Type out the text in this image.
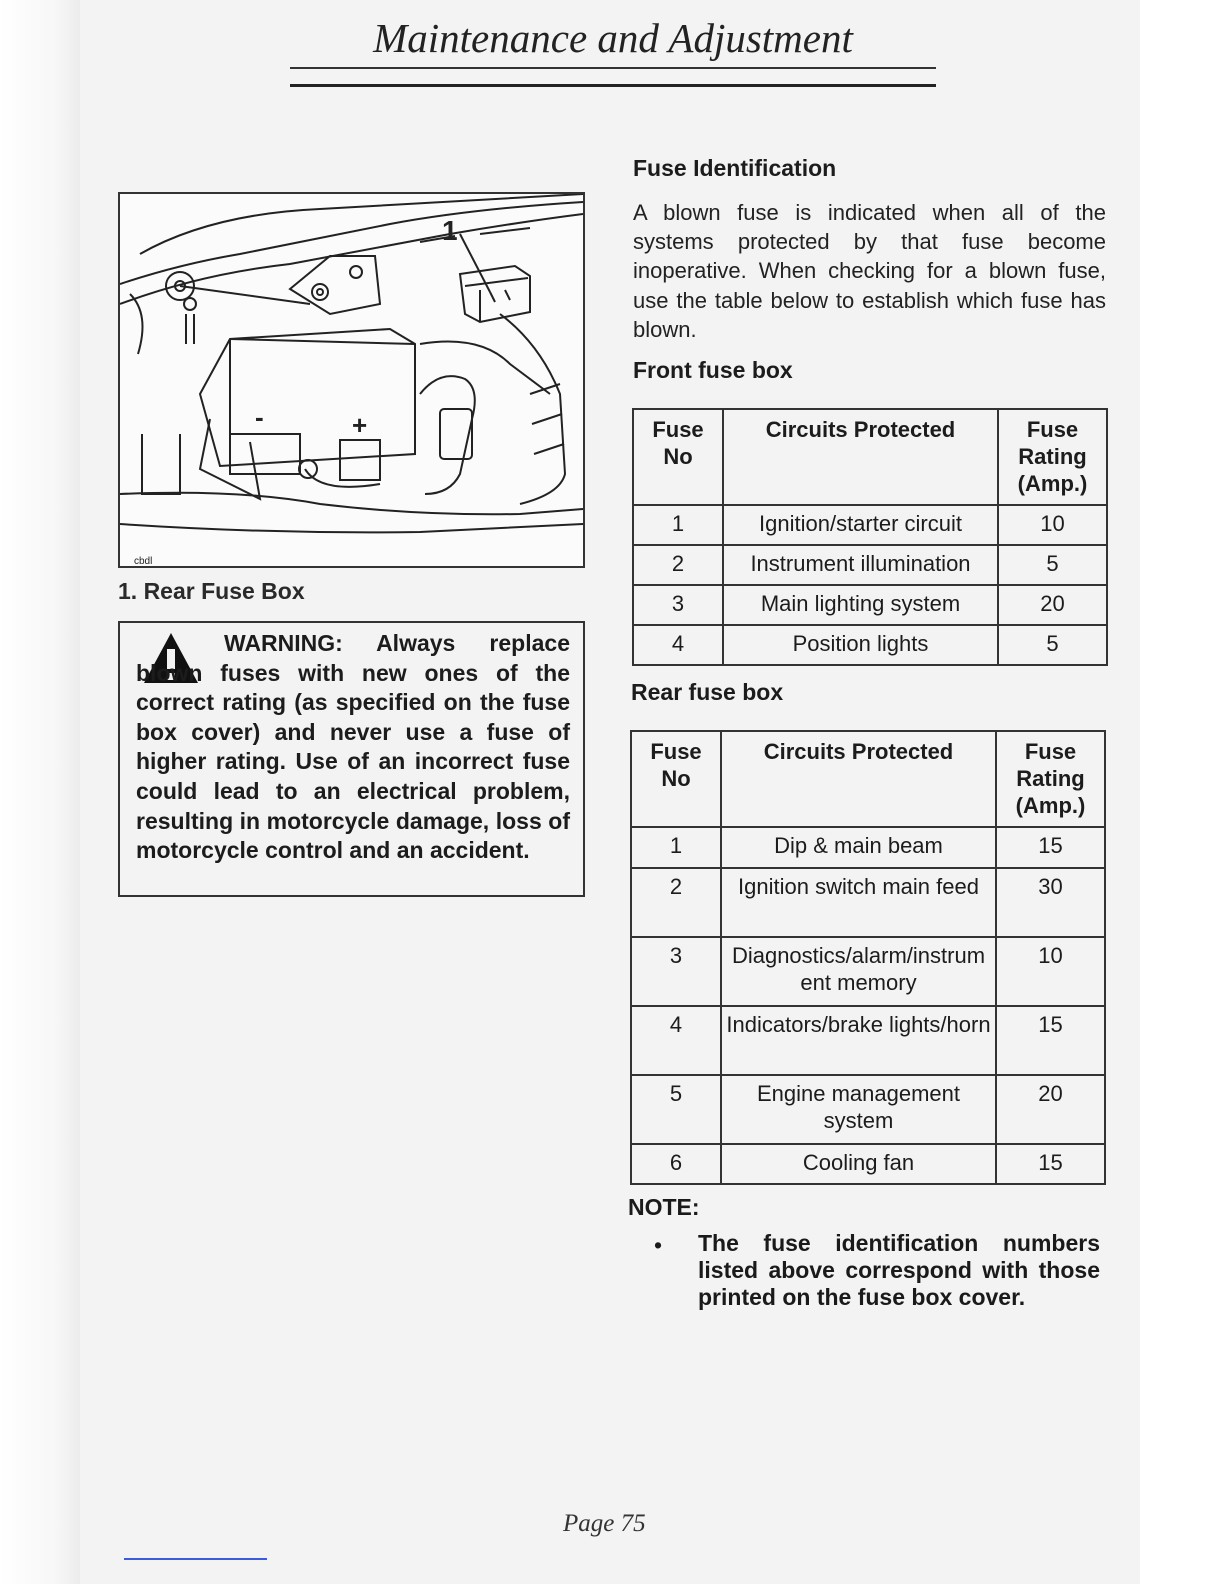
Maintenance and Adjustment
1
-	+
cbdl
1. Rear Fuse Box
WARNING: Always replace blown fuses with new ones of the correct rating (as specified on the fuse box cover) and never use a fuse of higher rating. Use of an incorrect fuse could lead to an electrical problem, resulting in motorcycle damage, loss of motorcycle control and an accident.
Fuse Identification
A blown fuse is indicated when all of the systems protected by that fuse become inoperative. When checking for a blown fuse, use the table below to establish which fuse has blown.
Front fuse box
Fuse No	Circuits Protected	Fuse Rating (Amp.)
1	Ignition/starter circuit	10
2	Instrument illumination	5
3	Main lighting system	20
4	Position lights	5
Rear fuse box
Fuse No	Circuits Protected	Fuse Rating (Amp.)
1	Dip & main beam	15
2	Ignition switch main feed	30
3	Diagnostics/alarm/instrument memory	10
4	Indicators/brake lights/horn	15
5	Engine management system	20
6	Cooling fan	15
NOTE:
• The fuse identification numbers listed above correspond with those printed on the fuse box cover.
Page 75
